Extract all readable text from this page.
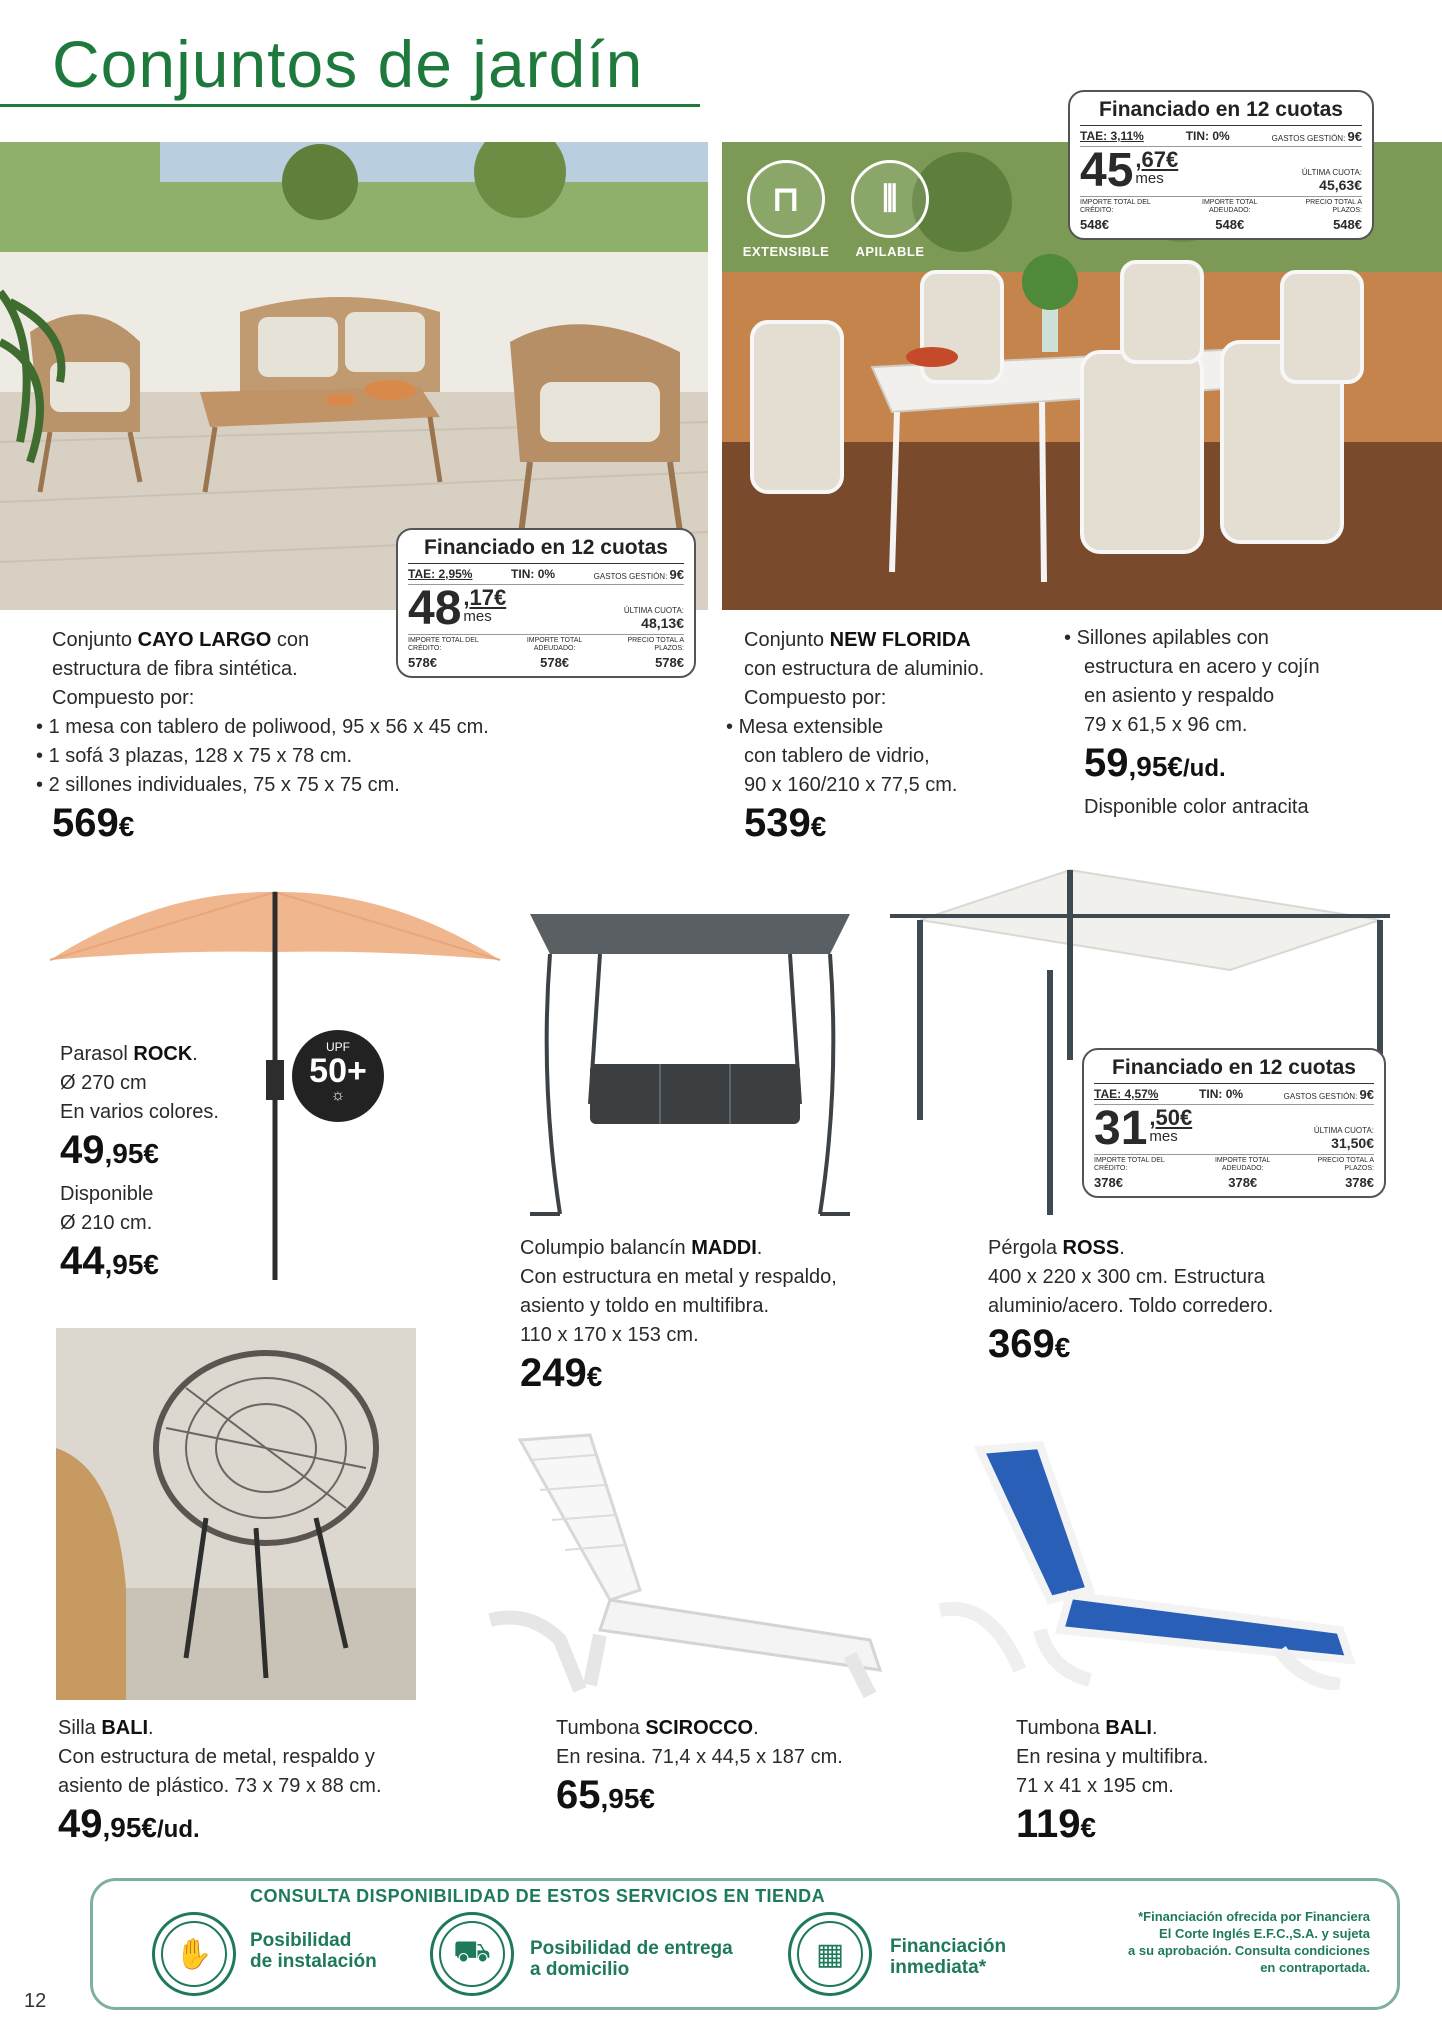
Conjuntos de jardín
Financiado en 12 cuotas
TAE: 2,95%	TIN: 0%	GASTOS GESTIÓN: 9€
48 ,17€
mes	ÚLTIMA CUOTA:
48,13€
IMPORTE TOTAL DEL CRÉDITO:
578€
IMPORTE TOTAL ADEUDADO:
578€
PRECIO TOTAL A PLAZOS:
578€
⊓
EXTENSIBLE
⫴
APILABLE
Financiado en 12 cuotas
TAE: 3,11%	TIN: 0%	GASTOS GESTIÓN: 9€
45 ,67€
mes	ÚLTIMA CUOTA:
45,63€
IMPORTE TOTAL DEL CRÉDITO:
548€
IMPORTE TOTAL ADEUDADO:
548€
PRECIO TOTAL A PLAZOS:
548€
Conjunto CAYO LARGO con
estructura de fibra sintética.
Compuesto por:
• 1 mesa con tablero de poliwood, 95 x 56 x 45 cm.
• 1 sofá 3 plazas, 128 x 75 x 78 cm.
• 2 sillones individuales, 75 x 75 x 75 cm.
569€
Conjunto NEW FLORIDA
con estructura de aluminio.
Compuesto por:
• Mesa extensible
con tablero de vidrio,
90 x 160/210 x 77,5 cm.
539€
• Sillones apilables con
estructura en acero y cojín
en asiento y respaldo
79 x 61,5 x 96 cm.
59,95€/ud.
Disponible color antracita
UPF
50+
☼
Parasol ROCK.
Ø 270 cm
En varios colores.
49,95€
Disponible
Ø 210 cm.
44,95€
Columpio balancín MADDI.
Con estructura en metal y respaldo,
asiento y toldo en multifibra.
110 x 170 x 153 cm.
249€
Financiado en 12 cuotas
TAE: 4,57%	TIN: 0%	GASTOS GESTIÓN: 9€
31 ,50€
mes	ÚLTIMA CUOTA:
31,50€
IMPORTE TOTAL DEL CRÉDITO:
378€
IMPORTE TOTAL ADEUDADO:
378€
PRECIO TOTAL A PLAZOS:
378€
Pérgola ROSS.
400 x 220 x 300 cm. Estructura
aluminio/acero. Toldo corredero.
369€
Silla BALI.
Con estructura de metal, respaldo y
asiento de plástico. 73 x 79 x 88 cm.
49,95€/ud.
Tumbona SCIROCCO.
En resina. 71,4 x 44,5 x 187 cm.
65,95€
Tumbona BALI.
En resina y multifibra.
71 x 41 x 195 cm.
119€
CONSULTA DISPONIBILIDAD DE ESTOS SERVICIOS EN TIENDA
✋	Posibilidad
de instalación	⛟	Posibilidad de entrega
a domicilio	▦	Financiación
inmediata*
*Financiación ofrecida por Financiera
El Corte Inglés E.F.C.,S.A. y sujeta
a su aprobación. Consulta condiciones
en contraportada.
12
